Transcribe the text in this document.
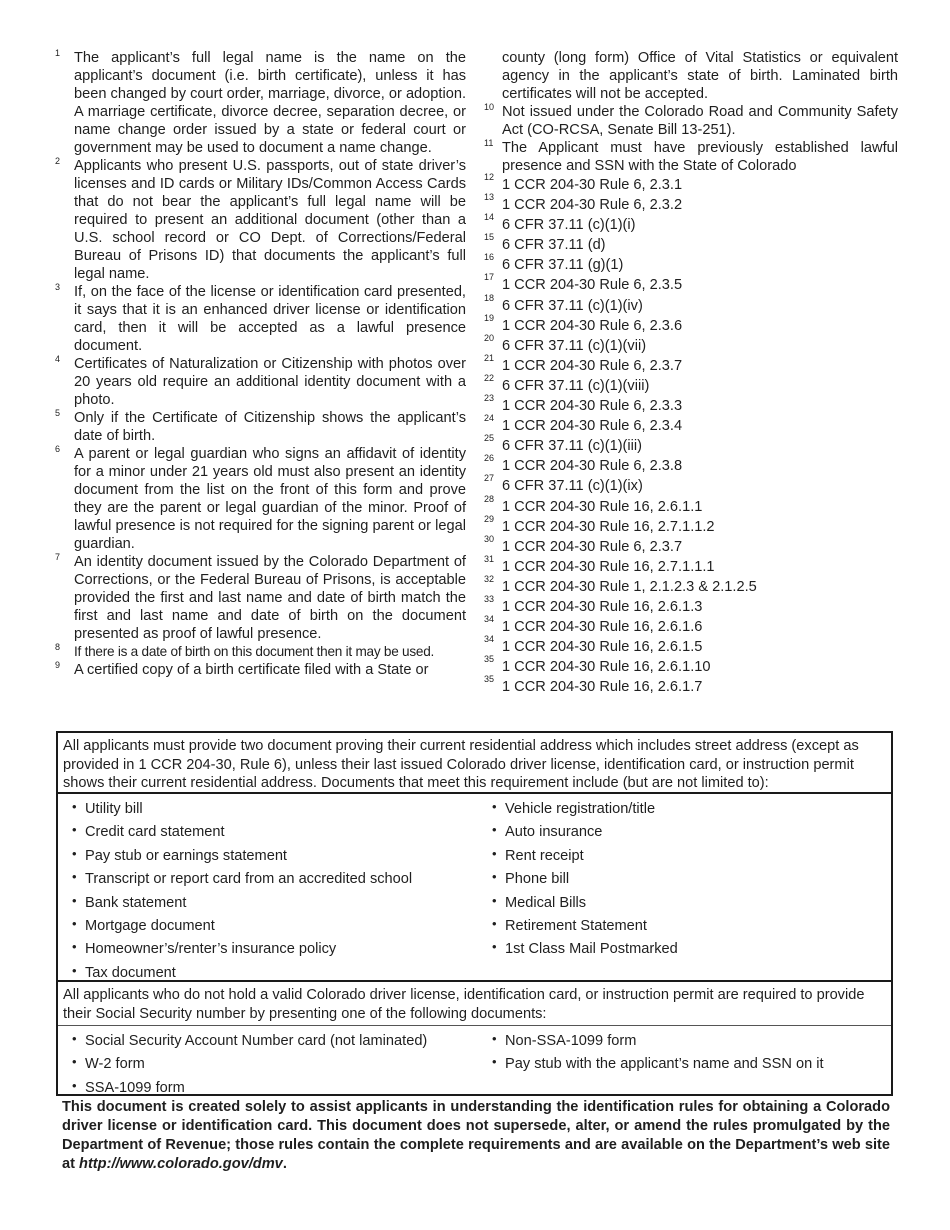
1 The applicant’s full legal name is the name on the applicant’s document (i.e. birth certificate), unless it has been changed by court order, marriage, divorce, or adoption. A marriage certificate, divorce decree, separation decree, or name change order issued by a state or federal court or government may be used to document a name change.
2 Applicants who present U.S. passports, out of state driver’s licenses and ID cards or Military IDs/Common Access Cards that do not bear the applicant’s full legal name will be required to present an additional document (other than a U.S. school record or CO Dept. of Corrections/Federal Bureau of Prisons ID) that documents the applicant’s full legal name.
3 If, on the face of the license or identification card presented, it says that it is an enhanced driver license or identification card, then it will be accepted as a lawful presence document.
4 Certificates of Naturalization or Citizenship with photos over 20 years old require an additional identity document with a photo.
5 Only if the Certificate of Citizenship shows the applicant’s date of birth.
6 A parent or legal guardian who signs an affidavit of identity for a minor under 21 years old must also present an identity document from the list on the front of this form and prove they are the parent or legal guardian of the minor. Proof of lawful presence is not required for the signing parent or legal guardian.
7 An identity document issued by the Colorado Department of Corrections, or the Federal Bureau of Prisons, is acceptable provided the first and last name and date of birth match the first and last name and date of birth on the document presented as proof of lawful presence.
8 If there is a date of birth on this document then it may be used.
9 A certified copy of a birth certificate filed with a State or
county (long form) Office of Vital Statistics or equivalent agency in the applicant’s state of birth. Laminated birth certificates will not be accepted.
10 Not issued under the Colorado Road and Community Safety Act (CO-RCSA, Senate Bill 13-251).
11 The Applicant must have previously established lawful presence and SSN with the State of Colorado
12 1 CCR 204-30 Rule 6, 2.3.1
13 1 CCR 204-30 Rule 6, 2.3.2
14 6 CFR 37.11 (c)(1)(i)
15 6 CFR 37.11 (d)
16 6 CFR 37.11 (g)(1)
17 1 CCR 204-30 Rule 6, 2.3.5
18 6 CFR 37.11 (c)(1)(iv)
19 1 CCR 204-30 Rule 6, 2.3.6
20 6 CFR 37.11 (c)(1)(vii)
21 1 CCR 204-30 Rule 6, 2.3.7
22 6 CFR 37.11 (c)(1)(viii)
23 1 CCR 204-30 Rule 6, 2.3.3
24 1 CCR 204-30 Rule 6, 2.3.4
25 6 CFR 37.11 (c)(1)(iii)
26 1 CCR 204-30 Rule 6, 2.3.8
27 6 CFR 37.11 (c)(1)(ix)
28 1 CCR 204-30 Rule 16, 2.6.1.1
29 1 CCR 204-30 Rule 16, 2.7.1.1.2
30 1 CCR 204-30 Rule 6, 2.3.7
31 1 CCR 204-30 Rule 16, 2.7.1.1.1
32 1 CCR 204-30 Rule 1, 2.1.2.3 & 2.1.2.5
33 1 CCR 204-30 Rule 16, 2.6.1.3
34 1 CCR 204-30 Rule 16, 2.6.1.6
34 1 CCR 204-30 Rule 16, 2.6.1.5
35 1 CCR 204-30 Rule 16, 2.6.1.10
35 1 CCR 204-30 Rule 16, 2.6.1.7
All applicants must provide two document proving their current residential address which includes street address (except as provided in 1 CCR 204-30, Rule 6), unless their last issued Colorado driver license, identification card, or instruction permit shows their current residential address. Documents that meet this requirement include (but are not limited to):
• Utility bill
• Credit card statement
• Pay stub or earnings statement
• Transcript or report card from an accredited school
• Bank statement
• Mortgage document
• Homeowner’s/renter’s insurance policy
• Tax document
• Vehicle registration/title
• Auto insurance
• Rent receipt
• Phone bill
• Medical Bills
• Retirement Statement
• 1st Class Mail Postmarked
All applicants who do not hold a valid Colorado driver license, identification card, or instruction permit are required to provide their Social Security number by presenting one of the following documents:
• Social Security Account Number card (not laminated)
• W-2 form
• SSA-1099 form
• Non-SSA-1099 form
• Pay stub with the applicant’s name and SSN on it
This document is created solely to assist applicants in understanding the identification rules for obtaining a Colorado driver license or identification card. This document does not supersede, alter, or amend the rules promulgated by the Department of Revenue; those rules contain the complete requirements and are available on the Department’s web site at http://www.colorado.gov/dmv.
